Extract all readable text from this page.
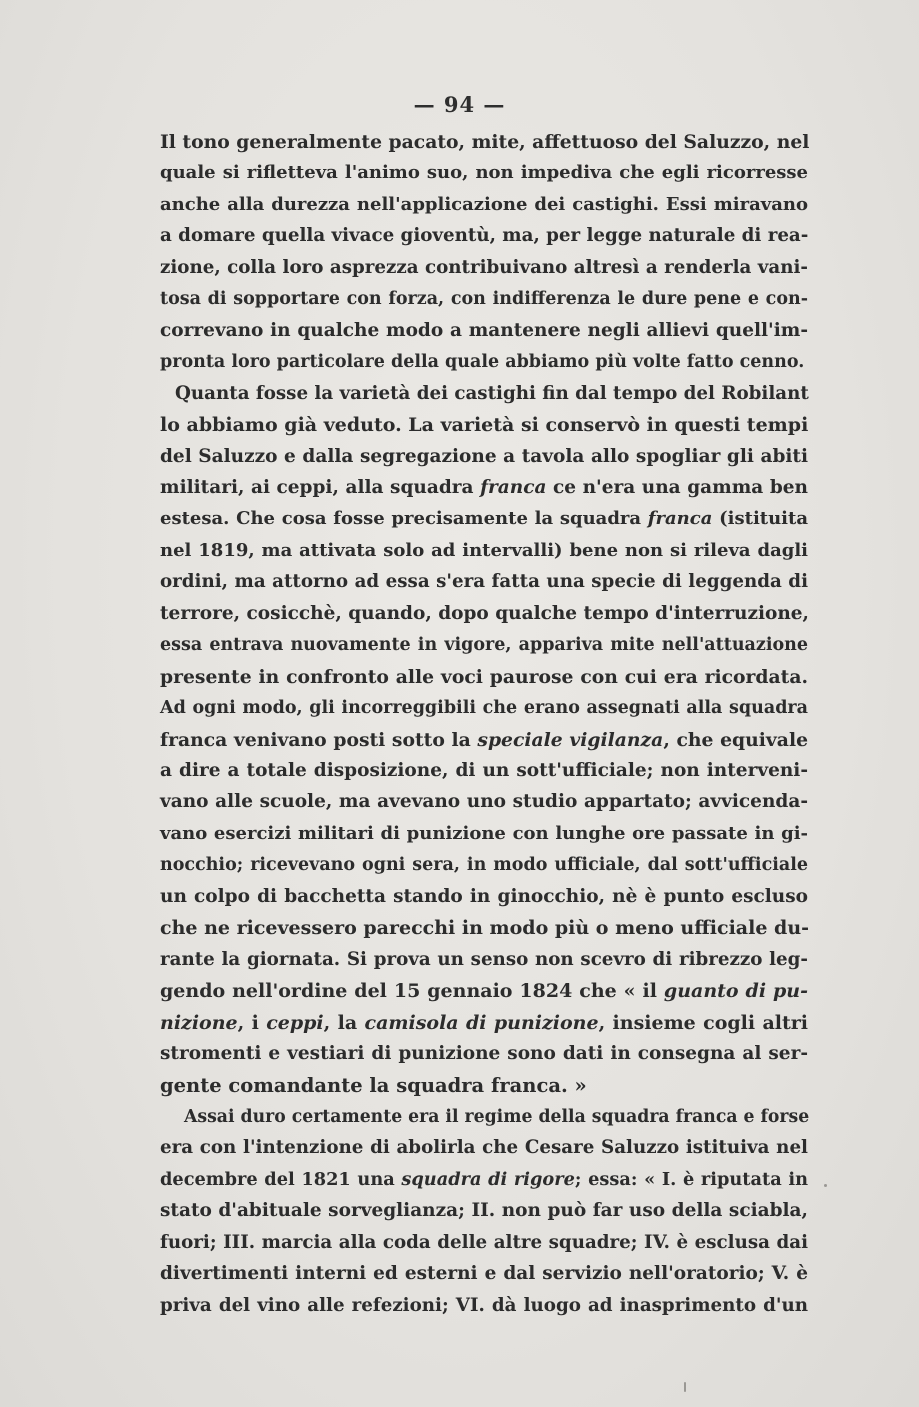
— 94 —
Il tono generalmente pacato, mite, affettuoso del Saluzzo, nel
quale si rifletteva l'animo suo, non impediva che egli ricorresse
anche alla durezza nell'applicazione dei castighi. Essi miravano
a domare quella vivace gioventù, ma, per legge naturale di rea-
zione, colla loro asprezza contribuivano altresì a renderla vani-
tosa di sopportare con forza, con indifferenza le dure pene e con-
correvano in qualche modo a mantenere negli allievi quell'im-
pronta loro particolare della quale abbiamo più volte fatto cenno.
Quanta fosse la varietà dei castighi fin dal tempo del Robilant
lo abbiamo già veduto. La varietà si conservò in questi tempi
del Saluzzo e dalla segregazione a tavola allo spogliar gli abiti
militari, ai ceppi, alla squadra franca ce n'era una gamma ben
estesa. Che cosa fosse precisamente la squadra franca (istituita
nel 1819, ma attivata solo ad intervalli) bene non si rileva dagli
ordini, ma attorno ad essa s'era fatta una specie di leggenda di
terrore, cosicchè, quando, dopo qualche tempo d'interruzione,
essa entrava nuovamente in vigore, appariva mite nell'attuazione
presente in confronto alle voci paurose con cui era ricordata.
Ad ogni modo, gli incorreggibili che erano assegnati alla squadra
franca venivano posti sotto la speciale vigilanza, che equivale
a dire a totale disposizione, di un sott'ufficiale; non interveni-
vano alle scuole, ma avevano uno studio appartato; avvicenda-
vano esercizi militari di punizione con lunghe ore passate in gi-
nocchio; ricevevano ogni sera, in modo ufficiale, dal sott'ufficiale
un colpo di bacchetta stando in ginocchio, nè è punto escluso
che ne ricevessero parecchi in modo più o meno ufficiale du-
rante la giornata. Si prova un senso non scevro di ribrezzo leg-
gendo nell'ordine del 15 gennaio 1824 che « il guanto di pu-
nizione, i ceppi, la camisola di punizione, insieme cogli altri
stromenti e vestiari di punizione sono dati in consegna al ser-
gente comandante la squadra franca. »
Assai duro certamente era il regime della squadra franca e forse
era con l'intenzione di abolirla che Cesare Saluzzo istituiva nel
decembre del 1821 una squadra di rigore; essa: « I. è riputata in
stato d'abituale sorveglianza; II. non può far uso della sciabla,
fuori; III. marcia alla coda delle altre squadre; IV. è esclusa dai
divertimenti interni ed esterni e dal servizio nell'oratorio; V. è
priva del vino alle refezioni; VI. dà luogo ad inasprimento d'un
